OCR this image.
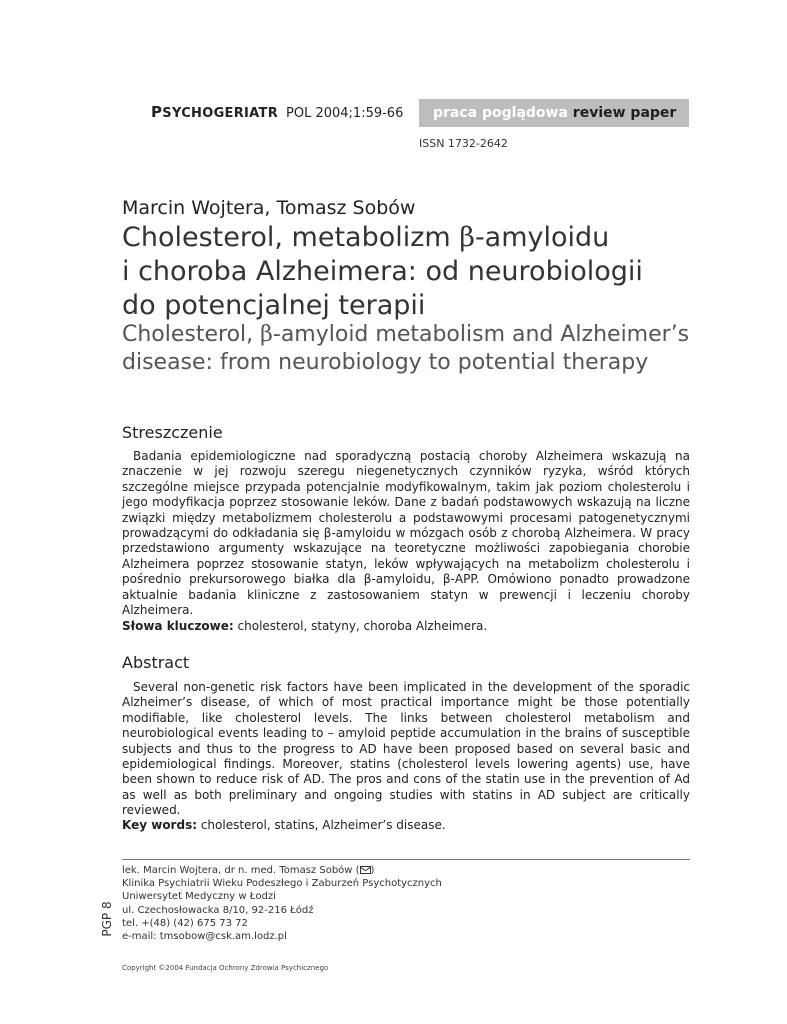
PSYCHOGERIATR POL 2004;1:59-66	praca poglądowa review paper
ISSN 1732-2642
Marcin Wojtera, Tomasz Sobów
Cholesterol, metabolizm β-amyloidu
i choroba Alzheimera: od neurobiologii
do potencjalnej terapii
Cholesterol, β-amyloid metabolism and Alzheimer’s
disease: from neurobiology to potential therapy
Streszczenie
Badania epidemiologiczne nad sporadyczną postacią choroby Alzheimera wskazują na znaczenie w jej rozwoju szeregu niegenetycznych czynników ryzyka, wśród których szczególne miejsce przypada potencjalnie modyfikowalnym, takim jak poziom cholesterolu i jego modyfikacja poprzez stosowanie leków. Dane z badań podstawowych wskazują na liczne związki między metabolizmem cholesterolu a podstawowymi procesami patogenetycznymi prowadzącymi do odkładania się β-amyloidu w mózgach osób z chorobą Alzheimera. W pracy przedstawiono argumenty wskazujące na teoretyczne możliwości zapobiegania chorobie Alzheimera poprzez stosowanie statyn, leków wpływających na metabolizm cholesterolu i pośrednio prekursorowego białka dla β-amyloidu, β-APP. Omówiono ponadto prowadzone aktualnie badania kliniczne z zastosowaniem statyn w prewencji i leczeniu choroby Alzheimera.
Słowa kluczowe: cholesterol, statyny, choroba Alzheimera.
Abstract
Several non-genetic risk factors have been implicated in the development of the sporadic Alzheimer’s disease, of which of most practical importance might be those potentially modifiable, like cholesterol levels. The links between cholesterol metabolism and neurobiological events leading to – amyloid peptide accumulation in the brains of susceptible subjects and thus to the progress to AD have been proposed based on several basic and epidemiological findings. Moreover, statins (cholesterol levels lowering agents) use, have been shown to reduce risk of AD. The pros and cons of the statin use in the prevention of Ad as well as both preliminary and ongoing studies with statins in AD subject are critically reviewed.
Key words: cholesterol, statins, Alzheimer’s disease.
lek. Marcin Wojtera, dr n. med. Tomasz Sobów ( )
Klinika Psychiatrii Wieku Podeszłego i Zaburzeń Psychotycznych
Uniwersytet Medyczny w Łodzi
ul. Czechosłowacka 8/10, 92-216 Łódź
tel. +(48) (42) 675 73 72
e-mail: tmsobow@csk.am.lodz.pl
PGP 8
Copyright ©2004 Fundacja Ochrony Zdrowia Psychicznego
